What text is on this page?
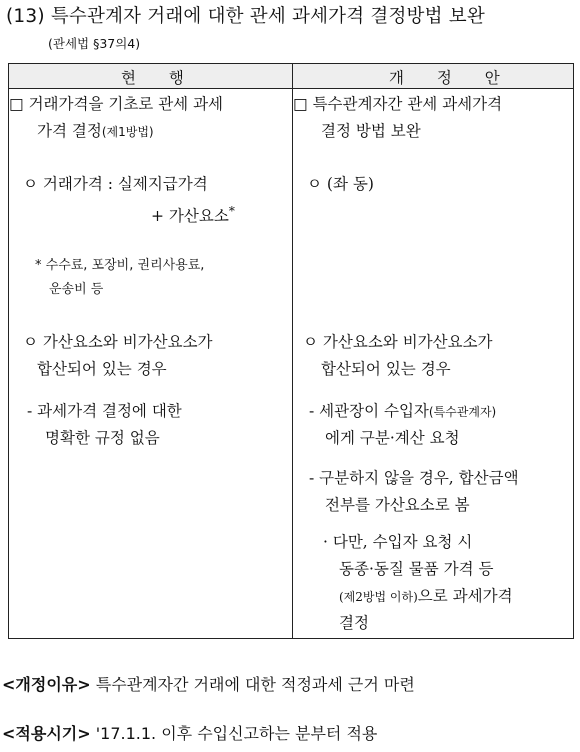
(13) 특수관계자 거래에 대한 관세 과세가격 결정방법 보완
(관세법 §37의4)
현 행	개 정 안
□ 거래가격을 기초로 관세 과세
가격 결정(제1방법)
ㅇ 거래가격 : 실제지급가격
+ 가산요소*
* 수수료, 포장비, 권리사용료,
운송비 등
ㅇ 가산요소와 비가산요소가
합산되어 있는 경우
- 과세가격 결정에 대한
명확한 규정 없음
□ 특수관계자간 관세 과세가격
결정 방법 보완
ㅇ (좌 동)
ㅇ 가산요소와 비가산요소가
합산되어 있는 경우
- 세관장이 수입자(특수관계자)
에게 구분·계산 요청
- 구분하지 않을 경우, 합산금액
전부를 가산요소로 봄
· 다만, 수입자 요청 시
동종·동질 물품 가격 등
(제2방법 이하)으로 과세가격
결정
<개정이유> 특수관계자간 거래에 대한 적정과세 근거 마련
<적용시기> '17.1.1. 이후 수입신고하는 분부터 적용
